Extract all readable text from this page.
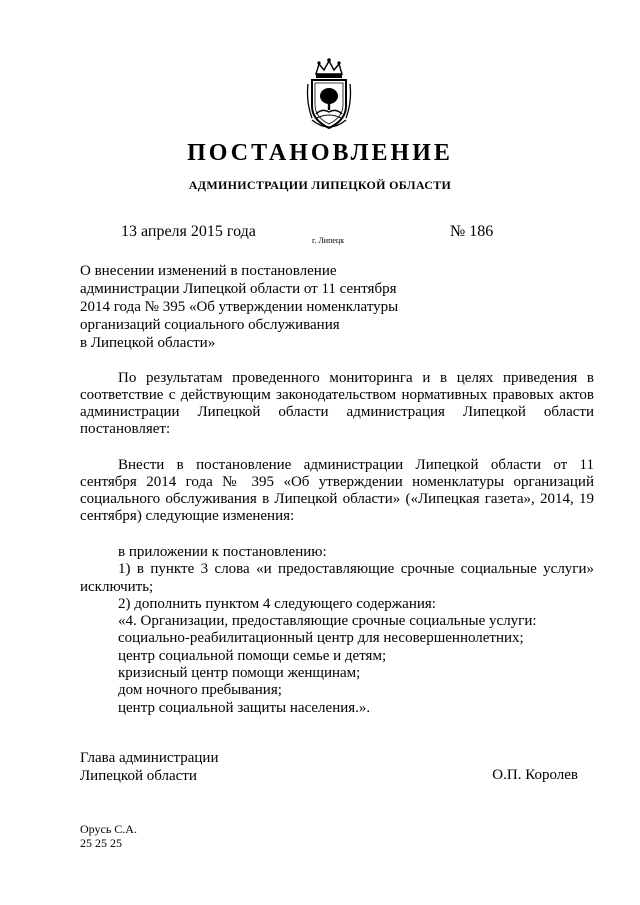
ПОСТАНОВЛЕНИЕ
АДМИНИСТРАЦИИ ЛИПЕЦКОЙ ОБЛАСТИ
13 апреля 2015 года
г. Липецк
№ 186
О внесении изменений в постановление
администрации Липецкой области от 11 сентября
2014 года № 395 «Об утверждении номенклатуры
организаций социального обслуживания
в Липецкой области»
По результатам проведенного мониторинга и в целях приведения в соответствие с действующим законодательством нормативных правовых актов администрации Липецкой области администрация Липецкой области постановляет:
Внести в постановление администрации Липецкой области от 11 сентября 2014 года № 395 «Об утверждении номенклатуры организаций социального обслуживания в Липецкой области» («Липецкая газета», 2014, 19 сентября) следующие изменения:
в приложении к постановлению:
1) в пункте 3 слова «и предоставляющие срочные социальные услуги»
исключить;
2) дополнить пунктом 4 следующего содержания:
«4. Организации, предоставляющие срочные социальные услуги:
социально-реабилитационный центр для несовершеннолетних;
центр социальной помощи семье и детям;
кризисный центр помощи женщинам;
дом ночного пребывания;
центр социальной защиты населения.».
Глава администрации
Липецкой области	О.П. Королев
Орусь С.А.
25 25 25
